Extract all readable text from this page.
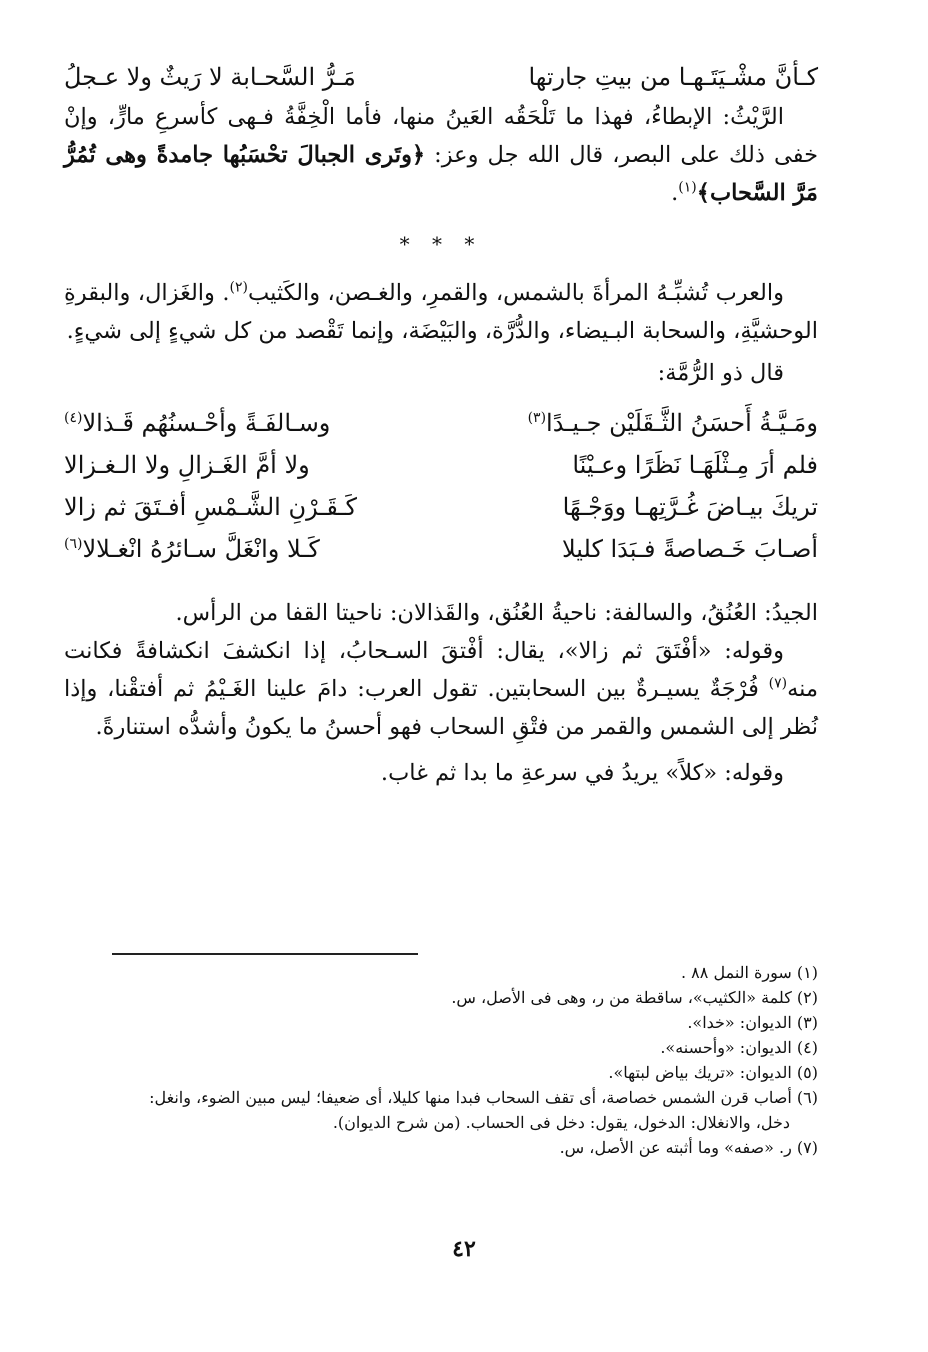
كـأنَّ مشْـيَتَـهـا من بيتِ جارتها
مَـرُّ السَّحـابة لا رَيثٌ ولا عـجلُ

الرَّيْثُ: الإبطاءُ، فهذا ما تَلْحَقُه العَينُ منها، فأما الْخِفَّةُ فـهى كأسرعِ مارٍّ، وإنْ خفى ذلك على البصر، قال الله جل وعز: ﴿وتَرى الجبالَ تحْسَبُها جامدةً وهى تُمُرُّ مَرَّ السَّحاب﴾$^{(١)}$.

* * *

والعرب تُشبِّـهُ المرأةَ بالشمس، والقمرِ، والغـصن، والكَثيب$^{(٢)}$. والغَزال، والبقرةِ الوحشيَّةِ، والسحابة البـيضاء، والدُّرَّة، والبَيْضَة، وإنما تَقْصد من كل شيءٍ إلى شيءٍ.

قال ذو الرُّمَّة:
ومَـيَّـةُ أَحسَنُ الثَّـقَلَيْن جـيـدًا$^{(٣)}$
وسـالفَـةً وأحْـسنُهُم قَـذالا$^{(٤)}$
فلم أرَ مِـثْلَهَـا نَظَرًا وعـيْنًا
ولا أمَّ الغَـزالِ ولا الـغـزالا
تريكَ بيـاضَ غُـرَّتِهـا ووَجْـهًا
كَـقَـرْنِ الشَّـمْسِ أفـتَقَ ثم زالا
أصـابَ خَـصاصةً فـبَدَا كليلا
كَـلا وانْغَلَّ سـائرُهُ انْغـلالا$^{(٦)}$

الجيدُ: العُنُقُ، والسالفة: ناحيةُ العُنُق، والقَذالان: ناحيتا القفا من الرأس.

وقوله: «أفْتَقَ ثم زالا»، يقال: أفْتقَ السـحابُ، إذا انكشفَ انكشافةً فكانت منه$^{(٧)}$ فُرْجَةٌ يسيـرةٌ بين السحابتين. تقول العرب: دامَ علينا الغَـيْمُ ثم أفتقْنا، وإذا نُظر إلى الشمس والقمر من فتْقِ السحاب فهو أحسنُ ما يكونُ وأشدُّه استنارةً.

وقوله: «كلاً» يريدُ في سرعةِ ما بدا ثم غاب.

(١) سورة النمل ٨٨ .

(٢) كلمة «الكثيب»، ساقطة من ر، وهى فى الأصل، س.

(٣) الديوان: «خدا».

(٤) الديوان: «وأحسنه».

(٥) الديوان: «تريك بياض لبتها».

(٦) أصاب قرن الشمس خصاصة، أى تقف السحاب فبدا منها كليلا، أى ضعيفا؛ ليس مبين الضوء، وانغل:

دخل، والانغلال: الدخول، يقول: دخل فى الحساب. (من شرح الديوان).

(٧) ر. «صفه» وما أثبته عن الأصل، س.

٤٢
